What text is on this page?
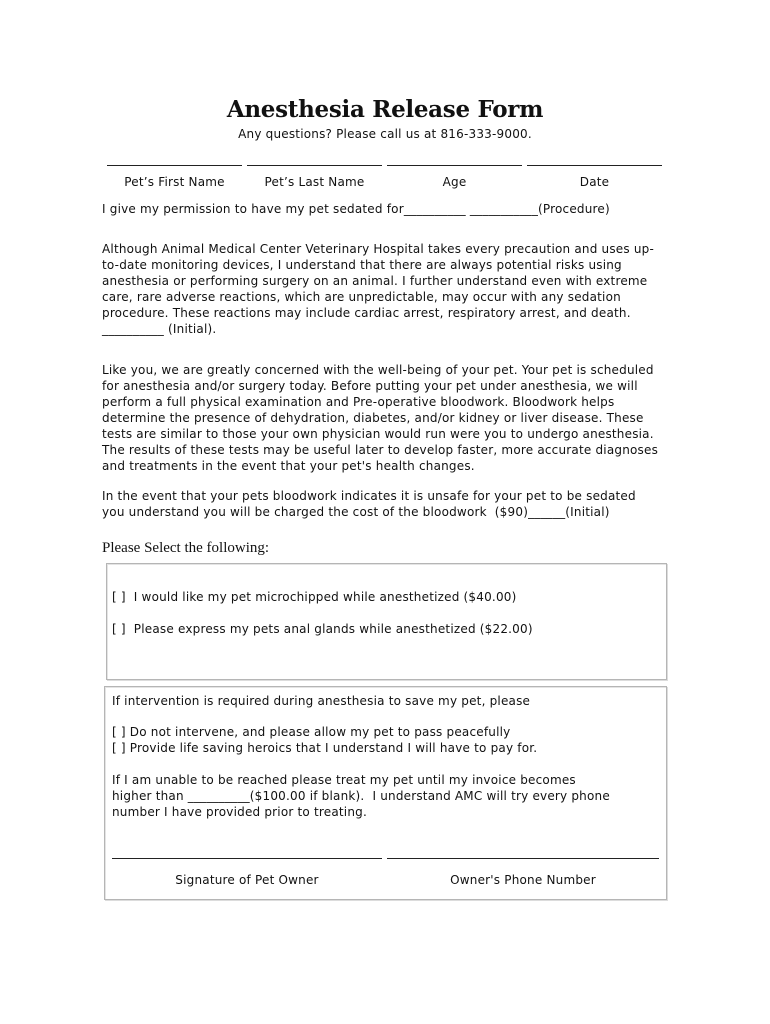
Anesthesia Release Form
Any questions? Please call us at 816-333-9000.
Pet’s First Name	Pet’s Last Name	Age	Date
I give my permission to have my pet sedated for__________ ___________(Procedure)
Although Animal Medical Center Veterinary Hospital takes every precaution and uses up-
to-date monitoring devices, I understand that there are always potential risks using
anesthesia or performing surgery on an animal. I further understand even with extreme
care, rare adverse reactions, which are unpredictable, may occur with any sedation
procedure. These reactions may include cardiac arrest, respiratory arrest, and death.
__________ (Initial).
Like you, we are greatly concerned with the well-being of your pet. Your pet is scheduled
for anesthesia and/or surgery today. Before putting your pet under anesthesia, we will
perform a full physical examination and Pre-operative bloodwork. Bloodwork helps
determine the presence of dehydration, diabetes, and/or kidney or liver disease. These
tests are similar to those your own physician would run were you to undergo anesthesia.
The results of these tests may be useful later to develop faster, more accurate diagnoses
and treatments in the event that your pet's health changes.
In the event that your pets bloodwork indicates it is unsafe for your pet to be sedated
you understand you will be charged the cost of the bloodwork  ($90)______(Initial)
Please Select the following:
[ ]  I would like my pet microchipped while anesthetized ($40.00)
[ ]  Please express my pets anal glands while anesthetized ($22.00)
If intervention is required during anesthesia to save my pet, please
[ ] Do not intervene, and please allow my pet to pass peacefully
[ ] Provide life saving heroics that I understand I will have to pay for.
If I am unable to be reached please treat my pet until my invoice becomes
higher than __________($100.00 if blank).  I understand AMC will try every phone
number I have provided prior to treating.
Signature of Pet Owner	Owner's Phone Number
